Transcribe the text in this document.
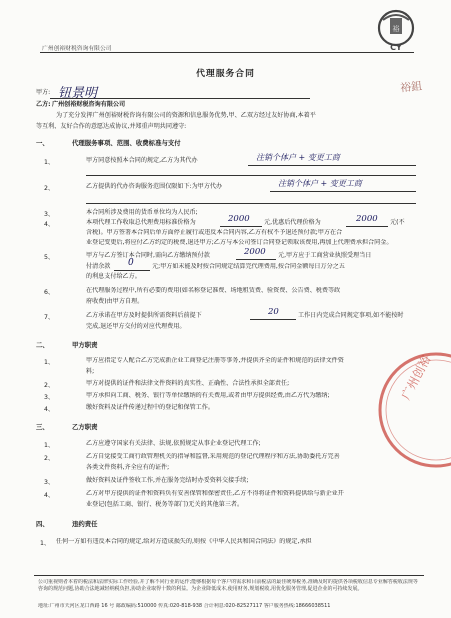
广州创裕财税咨询有限公司
裕
CY
代理服务合同
裕鉏
甲方: 钮景明
乙方: 广州创裕财税咨询有限公司
为了充分发挥广州创裕财税咨询有限公司的资源和信息服务优势,甲、乙双方经过友好协商,本着平
等互利、友好合作的意愿达成协议,并郑重声明共同遵守:
一、	代理服务事项、范围、收费标准与支付
1、	甲方同意按照本合同的规定,乙方为其代办	注销个体户 + 变更工商
2、	乙方提供的代办咨询服务范围仅限如下:为甲方代办	注销个体户 + 变更工商
3、	本合同所涉及费用的货币单位均为人民币;
4、	本项代理工作收取总代理费用标准价格为	2000 元,优惠后代理价格为	2000 元(不
含税)。甲方签署本合同后单方面停止履行或违反本合同内容,乙方有权不予退还预付款;甲方在合
业登记变更后,将应付乙方约定的税费,退还甲方;乙方与本公司签订合同登记领取该费用,再加上代理费承担合同金。
5、	甲方与乙方签订本合同时,需向乙方缴纳预付款	2000 元,甲方应于工商营业执照受理当日
付清余款 0	元;甲方如未能及时按合同规定结算完代理费用,按合同金额每日万分之五
的利息支付给乙方。
6、	在代理服务过程中,所有必要的费用(如名称登记准费、场地租赁费、验资费、公告费、税费等政
府收费)由甲方自理。
7、	乙方承诺在甲方及时提供所需资料后前提下	20	工作日内完成合同规定事项,如不能按时
完成,退还甲方交付的对应代理费用。
二、	甲方职责
1、	甲方应指定专人配合乙方完成新企业工商登记注册等事务,并提供齐全的证件和规范的法律文件资
料;
2、	甲方对提供的证件和法律文件资料的真实性、正确性、合法性承担全部责任;
3、	甲方承担向工商、税务、银行等单位缴纳的有关费用,或者由甲方提供经费,由乙方代为缴纳;
4、	缴好资料及证件传递过程中的登记和保管工作。
三、	乙方职责
1、	乙方应遵守国家有关法律、法规,依照规定从事企业登记代理工作;
2、	乙方自觉接受工商行政管理机关的指导和监督,采用规范的登记代理程序和方法,协助委托方完善
各类文件资料,齐全应有的证件;
3、	做好资料及证件签收工作,并在服务完结时办妥资料交接手续;
4、	乙方对甲方提供的证件和资料负有安善保管和保密责任,乙方不得将证件和资料提供给与新企业开
业登记(包括工商、银行、税务等部门)无关的其他第三者。
四、	违约责任
1、 任何一方如有违反本合同的规定,给对方造成损失的,则按《中华人民共和国合同法》的规定,承担
广州创裕
公司重视则者本着的税法和法律实际工作经验,并了解不同行业的运作;能够根据每个客户的需求和目前税法的最佳统筹税务,准确及时的提供各项税收信息专业解答税收法规等咨询的规范问题,协助合法地减轻纳税负担,协助企业取得十数的利益。为企业降低成本,使用财务,规划税收,用优化服务管理,促进企业的可持续发展。
地址:广州市天河区龙口西路 16 号 邮政编码:510000 传真:020-818-938 合计利息:020-82527117 客户服务热线:18666038511
